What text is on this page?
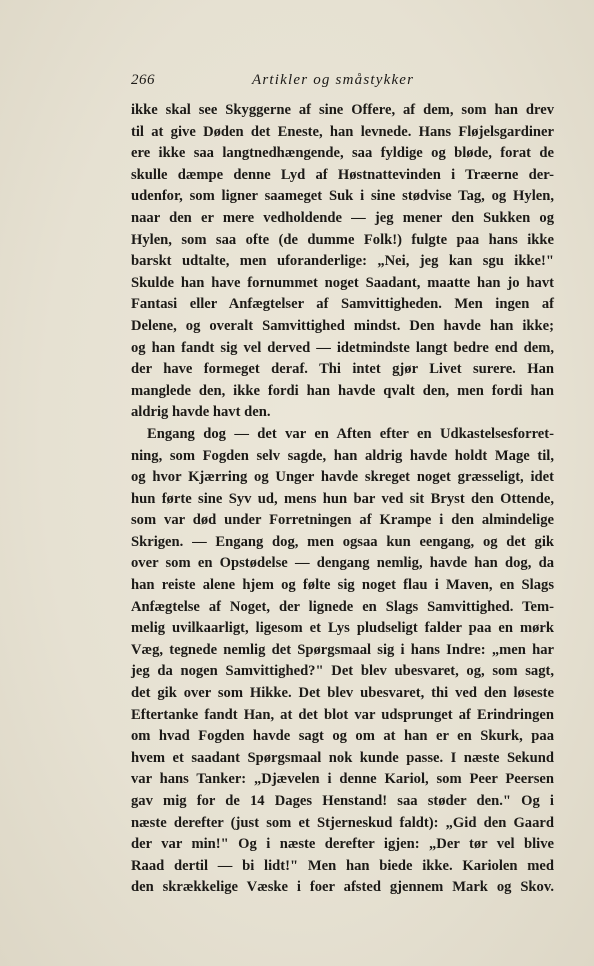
266	Artikler og småstykker
ikke skal see Skyggerne af sine Offere, af dem, som han drev
til at give Døden det Eneste, han levnede. Hans Fløjelsgardiner
ere ikke saa langtnedhængende, saa fyldige og bløde, forat de
skulle dæmpe denne Lyd af Høstnattevinden i Træerne der-
udenfor, som ligner saameget Suk i sine stødvise Tag, og Hylen,
naar den er mere vedholdende — jeg mener den Sukken og
Hylen, som saa ofte (de dumme Folk!) fulgte paa hans ikke
barskt udtalte, men uforanderlige: „Nei, jeg kan sgu ikke!"
Skulde han have fornummet noget Saadant, maatte han jo havt
Fantasi eller Anfægtelser af Samvittigheden. Men ingen af
Delene, og overalt Samvittighed mindst. Den havde han ikke;
og han fandt sig vel derved — idetmindste langt bedre end dem,
der have formeget deraf. Thi intet gjør Livet surere. Han
manglede den, ikke fordi han havde qvalt den, men fordi han
aldrig havde havt den.
Engang dog — det var en Aften efter en Udkastelsesforret-
ning, som Fogden selv sagde, han aldrig havde holdt Mage til,
og hvor Kjærring og Unger havde skreget noget græsseligt, idet
hun førte sine Syv ud, mens hun bar ved sit Bryst den Ottende,
som var død under Forretningen af Krampe i den almindelige
Skrigen. — Engang dog, men ogsaa kun eengang, og det gik
over som en Opstødelse — dengang nemlig, havde han dog, da
han reiste alene hjem og følte sig noget flau i Maven, en Slags
Anfægtelse af Noget, der lignede en Slags Samvittighed. Tem-
melig uvilkaarligt, ligesom et Lys pludseligt falder paa en mørk
Væg, tegnede nemlig det Spørgsmaal sig i hans Indre: „men har
jeg da nogen Samvittighed?" Det blev ubesvaret, og, som sagt,
det gik over som Hikke. Det blev ubesvaret, thi ved den løseste
Eftertanke fandt Han, at det blot var udsprunget af Erindringen
om hvad Fogden havde sagt og om at han er en Skurk, paa
hvem et saadant Spørgsmaal nok kunde passe. I næste Sekund
var hans Tanker: „Djævelen i denne Kariol, som Peer Peersen
gav mig for de 14 Dages Henstand! saa støder den." Og i
næste derefter (just som et Stjerneskud faldt): „Gid den Gaard
der var min!" Og i næste derefter igjen: „Der tør vel blive
Raad dertil — bi lidt!" Men han biede ikke. Kariolen med
den skrækkelige Væske i foer afsted gjennem Mark og Skov.
